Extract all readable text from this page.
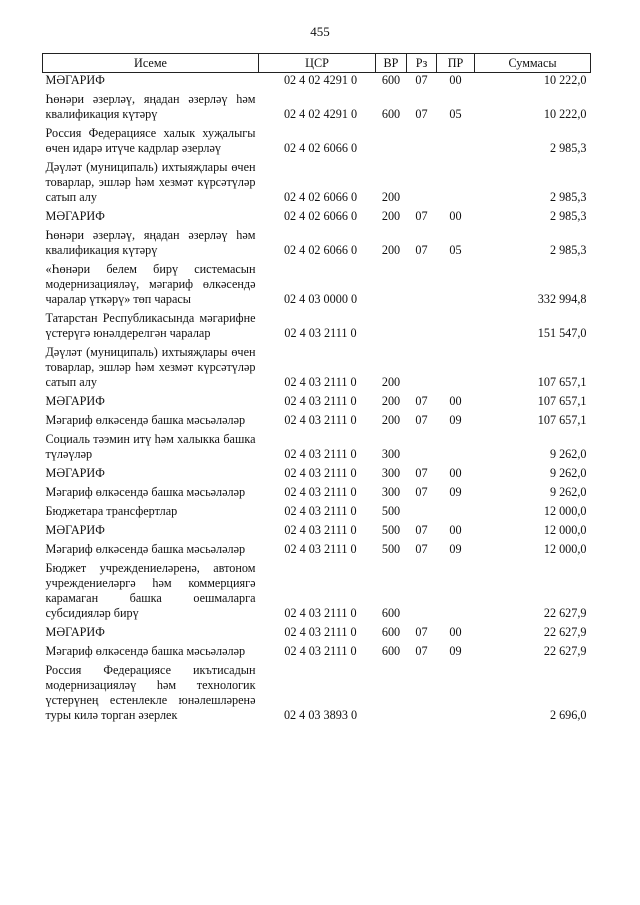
455
Исеме	ЦСР	ВР	Рз	ПР	Суммасы
МӘГАРИФ	02 4 02 4291 0	600	07	00	10 222,0
Һөнәри әзерләү, яңадан әзерләү һәм квалификация күтәрү	02 4 02 4291 0	600	07	05	10 222,0
Россия Федерациясе халык хуҗалыгы өчен идарә итүче кадрлар әзерләү	02 4 02 6066 0				2 985,3
Дәүләт (муниципаль) ихтыяҗлары өчен товарлар, эшләр һәм хезмәт күрсәтүләр сатып алу	02 4 02 6066 0	200			2 985,3
МӘГАРИФ	02 4 02 6066 0	200	07	00	2 985,3
Һөнәри әзерләү, яңадан әзерләү һәм квалификация күтәрү	02 4 02 6066 0	200	07	05	2 985,3
«Һөнәри белем бирү системасын модернизацияләү, мәгариф өлкәсендә чаралар үткәрү» төп чарасы	02 4 03 0000 0				332 994,8
Татарстан Республикасында мәгарифне үстерүгә юнәлдерелгән чаралар	02 4 03 2111 0				151 547,0
Дәүләт (муниципаль) ихтыяҗлары өчен товарлар, эшләр һәм хезмәт күрсәтүләр сатып алу	02 4 03 2111 0	200			107 657,1
МӘГАРИФ	02 4 03 2111 0	200	07	00	107 657,1
Мәгариф өлкәсендә башка мәсьәләләр	02 4 03 2111 0	200	07	09	107 657,1
Социаль тәэмин итү һәм халыкка башка түләүләр	02 4 03 2111 0	300			9 262,0
МӘГАРИФ	02 4 03 2111 0	300	07	00	9 262,0
Мәгариф өлкәсендә башка мәсьәләләр	02 4 03 2111 0	300	07	09	9 262,0
Бюджетара трансфертлар	02 4 03 2111 0	500			12 000,0
МӘГАРИФ	02 4 03 2111 0	500	07	00	12 000,0
Мәгариф өлкәсендә башка мәсьәләләр	02 4 03 2111 0	500	07	09	12 000,0
Бюджет учреждениеләренә, автоном учреждениеләргә һәм коммерциягә карамаган башка оешмаларга субсидияләр бирү	02 4 03 2111 0	600			22 627,9
МӘГАРИФ	02 4 03 2111 0	600	07	00	22 627,9
Мәгариф өлкәсендә башка мәсьәләләр	02 4 03 2111 0	600	07	09	22 627,9
Россия Федерациясе икътисадын модернизацияләү һәм технологик үстерүнең естенлекле юнәлешләренә туры килә торган әзерлек	02 4 03 3893 0				2 696,0
